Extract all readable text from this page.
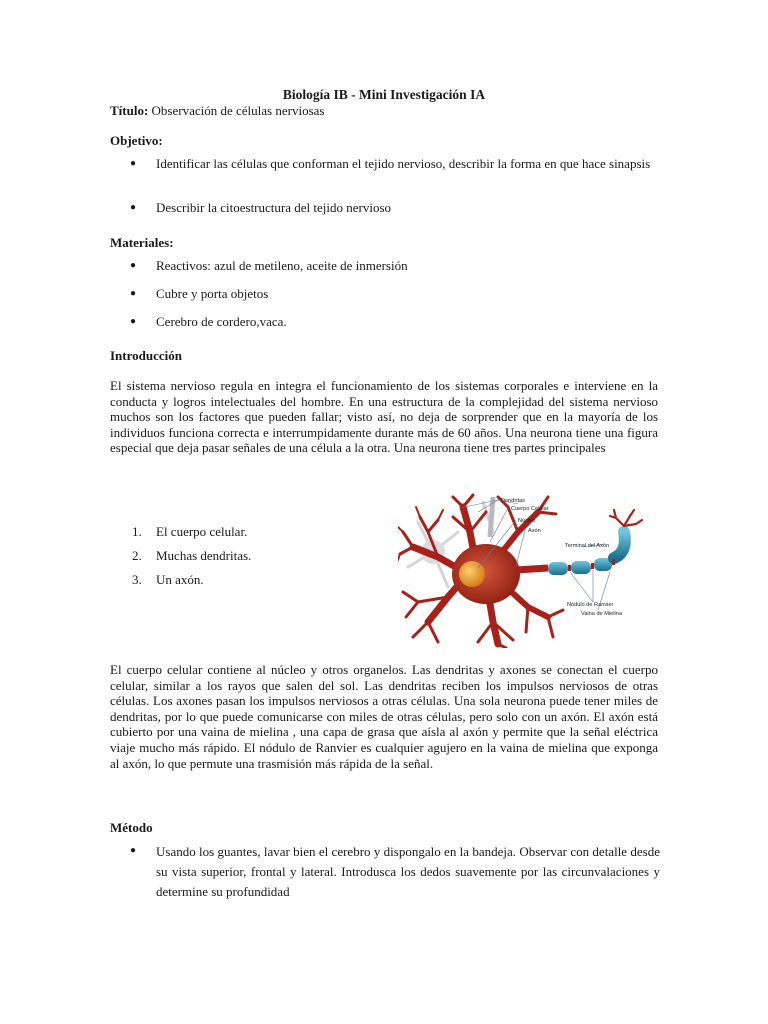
Biología IB - Mini Investigación IA
Título: Observación de células nerviosas
Objetivo:
● Identificar las células que conforman el tejido nervioso, describir la forma en que hace sinapsis
● Describir la citoestructura del tejido nervioso
Materiales:
● Reactivos: azul de metileno, aceite de inmersión
● Cubre y porta objetos
● Cerebro de cordero,vaca.
Introducción
El sistema nervioso regula en integra el funcionamiento de los sistemas corporales e interviene en la conducta y logros intelectuales del hombre. En una estructura de la complejidad del sistema nervioso muchos son los factores que pueden fallar; visto así, no deja de sorprender que en la mayoría de los individuos funciona correcta e interrumpidamente durante más de 60 años. Una neurona tiene una figura especial que deja pasar señales de una célula a la otra. Una neurona tiene tres partes principales
1. El cuerpo celular.
2. Muchas dendritas.
3. Un axón.
Dendritas
Cuerpo Celular
Núcleo
Axón
Terminal del Axón
Nódulo de Ranvier
Vaina de Mielina
El cuerpo celular contiene al núcleo y otros organelos. Las dendritas y axones se conectan el cuerpo celular, similar a los rayos que salen del sol. Las dendritas reciben los impulsos nerviosos de otras células. Los axones pasan los impulsos nerviosos a otras células. Una sola neurona puede tener miles de dendritas, por lo que puede comunicarse con miles de otras células, pero solo con un axón. El axón está cubierto por una vaina de mielina , una capa de grasa que aísla al axón y permite que la señal eléctrica viaje mucho más rápido. El nódulo de Ranvier es cualquier agujero en la vaina de mielina que exponga al axón, lo que permute una trasmisión más rápida de la señal.
Método
● Usando los guantes, lavar bien el cerebro y dispongalo en la bandeja. Observar con detalle desde su vista superior, frontal y lateral. Introdusca los dedos suavemente por las circunvalaciones y determine su profundidad
